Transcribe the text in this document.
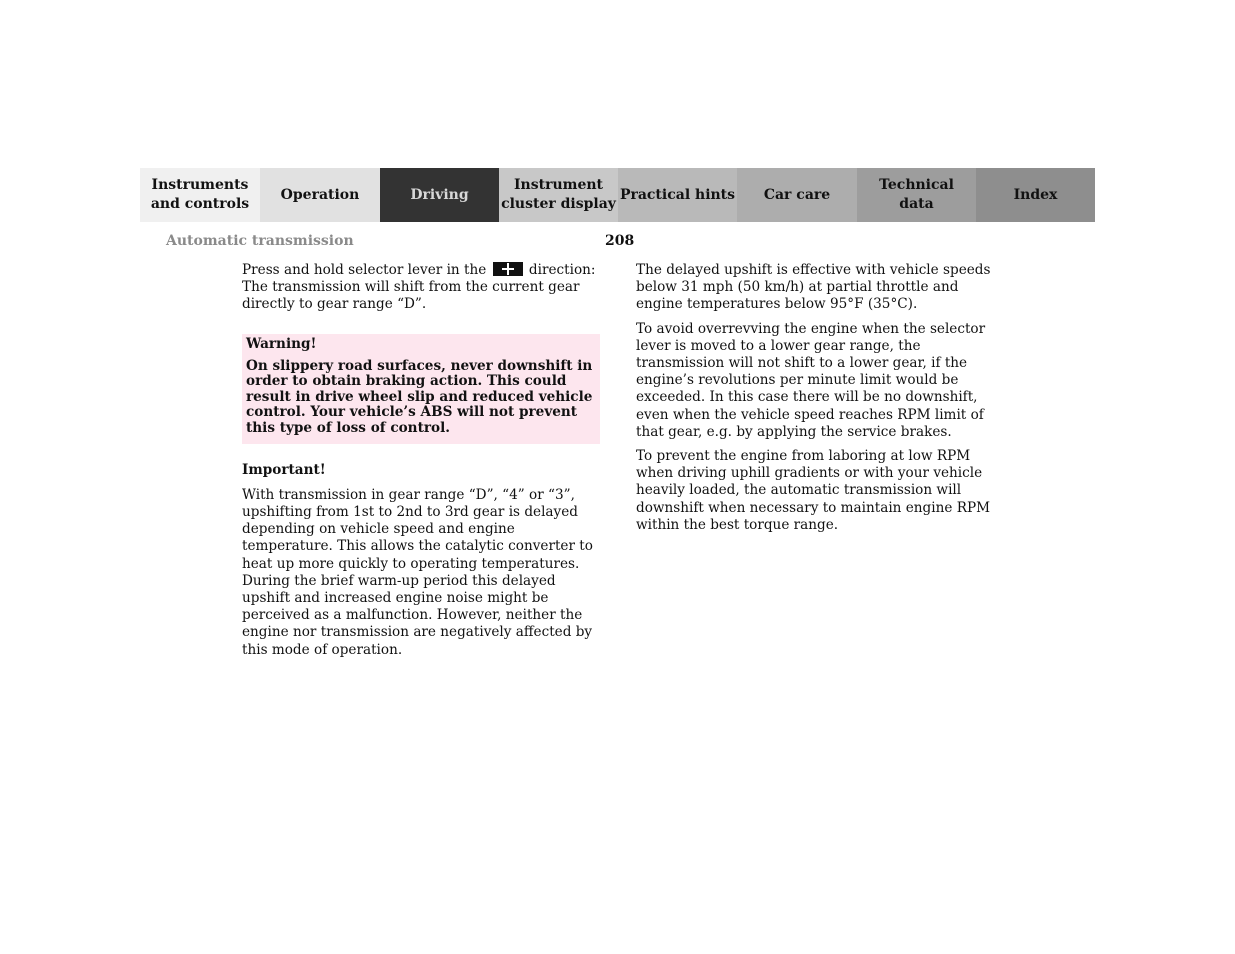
Instruments
and controls
Operation	Driving
Instrument
cluster display
Practical hints	Car care
Technical
data
Index
Automatic transmission	208

Press and hold selector lever in the	direction:
The transmission will shift from the current gear directly to gear range “D”.

Warning!

On slippery road surfaces, never downshift in order to obtain braking action. This could result in drive wheel slip and reduced vehicle control. Your vehicle’s ABS will not prevent this type of loss of control.

Important!

With transmission in gear range “D”, “4” or “3”, upshifting from 1st to 2nd to 3rd gear is delayed depending on vehicle speed and engine temperature. This allows the catalytic converter to heat up more quickly to operating temperatures.

During the brief warm-up period this delayed upshift and increased engine noise might be perceived as a malfunction. However, neither the engine nor transmission are negatively affected by this mode of operation.

The delayed upshift is effective with vehicle speeds below 31 mph (50 km/h) at partial throttle and engine temperatures below 95°F (35°C).

To avoid overrevving the engine when the selector lever is moved to a lower gear range, the transmission will not shift to a lower gear, if the engine’s revolutions per minute limit would be exceeded. In this case there will be no downshift, even when the vehicle speed reaches RPM limit of that gear, e.g. by applying the service brakes.

To prevent the engine from laboring at low RPM when driving uphill gradients or with your vehicle heavily loaded, the automatic transmission will downshift when necessary to maintain engine RPM within the best torque range.
